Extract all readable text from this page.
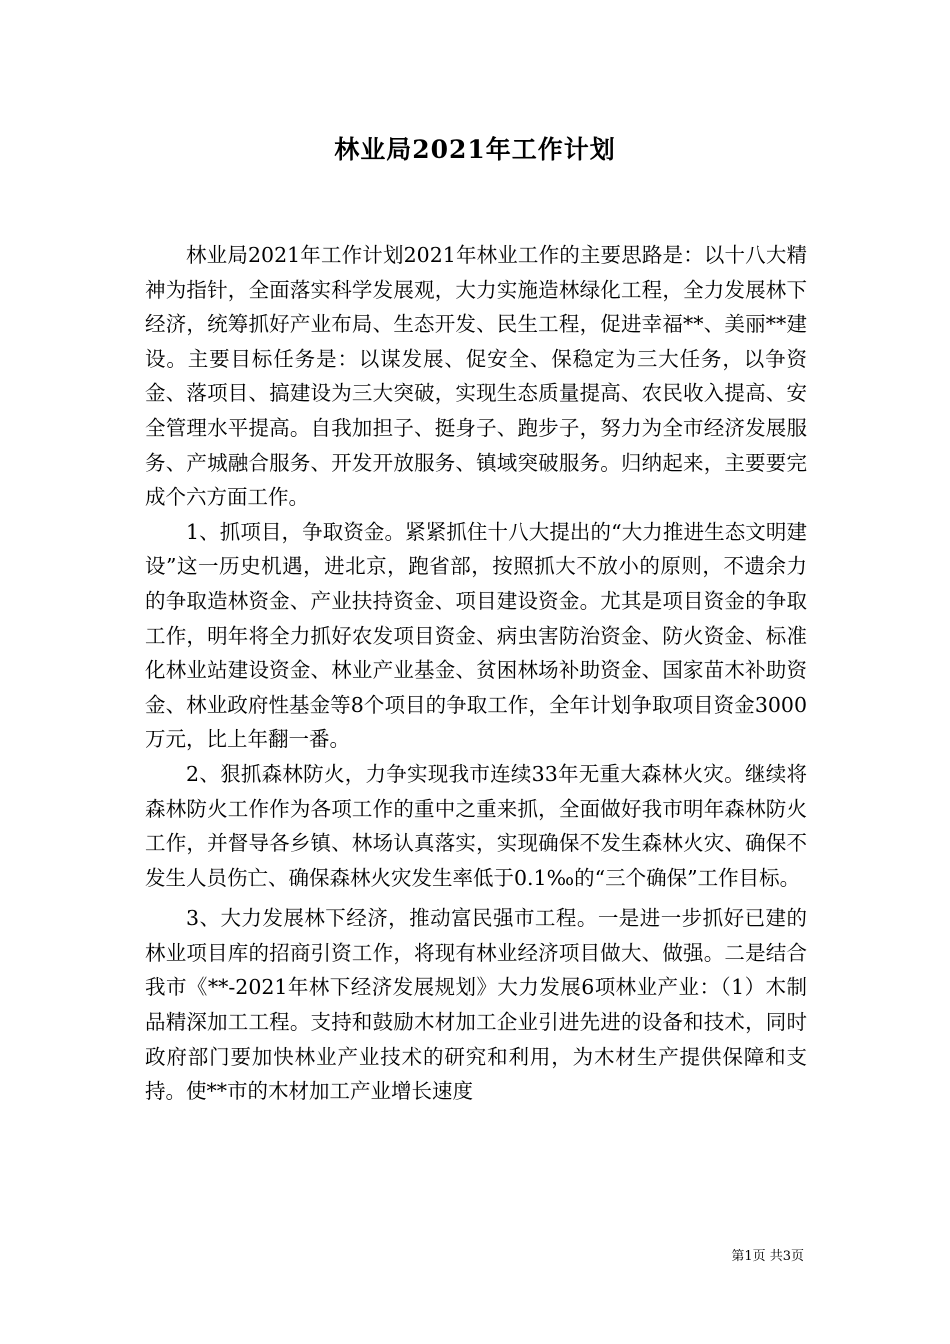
林业局2021年工作计划

林业局2021年工作计划2021年林业工作的主要思路是：以十八大精神为指针，全面落实科学发展观，大力实施造林绿化工程，全力发展林下经济，统筹抓好产业布局、生态开发、民生工程，促进幸福**、美丽**建设。主要目标任务是：以谋发展、促安全、保稳定为三大任务，以争资金、落项目、搞建设为三大突破，实现生态质量提高、农民收入提高、安全管理水平提高。自我加担子、挺身子、跑步子，努力为全市经济发展服务、产城融合服务、开发开放服务、镇域突破服务。归纳起来，主要要完成个六方面工作。

1、抓项目，争取资金。紧紧抓住十八大提出的“大力推进生态文明建设”这一历史机遇，进北京，跑省部，按照抓大不放小的原则，不遗余力的争取造林资金、产业扶持资金、项目建设资金。尤其是项目资金的争取工作，明年将全力抓好农发项目资金、病虫害防治资金、防火资金、标准化林业站建设资金、林业产业基金、贫困林场补助资金、国家苗木补助资金、林业政府性基金等8个项目的争取工作，全年计划争取项目资金3000万元，比上年翻一番。

2、狠抓森林防火，力争实现我市连续33年无重大森林火灾。继续将森林防火工作作为各项工作的重中之重来抓，全面做好我市明年森林防火工作，并督导各乡镇、林场认真落实，实现确保不发生森林火灾、确保不发生人员伤亡、确保森林火灾发生率低于0.1‰的“三个确保”工作目标。

3、大力发展林下经济，推动富民强市工程。一是进一步抓好已建的林业项目库的招商引资工作，将现有林业经济项目做大、做强。二是结合我市《**-2021年林下经济发展规划》大力发展6项林业产业：（1）木制品精深加工工程。支持和鼓励木材加工企业引进先进的设备和技术，同时政府部门要加快林业产业技术的研究和利用，为木材生产提供保障和支持。使**市的木材加工产业增长速度

第1页 共3页
